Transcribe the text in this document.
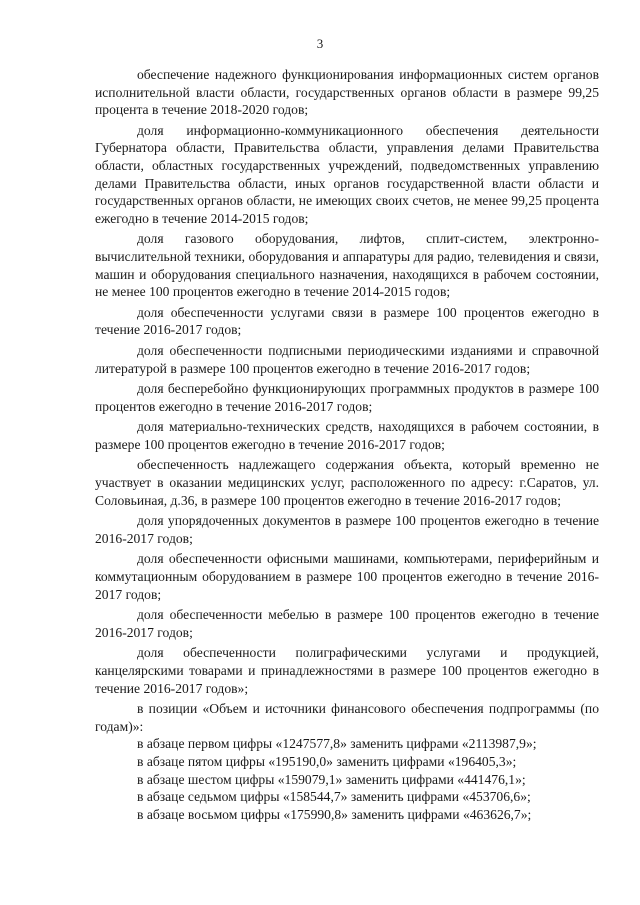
3

обеспечение надежного функционирования информационных систем органов исполнительной власти области, государственных органов области в размере 99,25 процента в течение 2018-2020 годов;

доля информационно-коммуникационного обеспечения деятельности Губернатора области, Правительства области, управления делами Правительства области, областных государственных учреждений, подведомственных управлению делами Правительства области, иных органов государственной власти области и государственных органов области, не имеющих своих счетов, не менее 99,25 процента ежегодно в течение 2014-2015 годов;

доля газового оборудования, лифтов, сплит-систем, электронно-вычислительной техники, оборудования и аппаратуры для радио, телевидения и связи, машин и оборудования специального назначения, находящихся в рабочем состоянии, не менее 100 процентов ежегодно в течение 2014-2015 годов;

доля обеспеченности услугами связи в размере 100 процентов ежегодно в течение 2016-2017 годов;

доля обеспеченности подписными периодическими изданиями и справочной литературой в размере 100 процентов ежегодно в течение 2016-2017 годов;

доля бесперебойно функционирующих программных продуктов в размере 100 процентов ежегодно в течение 2016-2017 годов;

доля материально-технических средств, находящихся в рабочем состоянии, в размере 100 процентов ежегодно в течение 2016-2017 годов;

обеспеченность надлежащего содержания объекта, который временно не участвует в оказании медицинских услуг, расположенного по адресу: г.Саратов, ул. Соловьиная, д.36, в размере 100 процентов ежегодно в течение 2016-2017 годов;

доля упорядоченных документов в размере 100 процентов ежегодно в течение 2016-2017 годов;

доля обеспеченности офисными машинами, компьютерами, периферийным и коммутационным оборудованием в размере 100 процентов ежегодно в течение 2016-2017 годов;

доля обеспеченности мебелью в размере 100 процентов ежегодно в течение 2016-2017 годов;

доля обеспеченности полиграфическими услугами и продукцией, канцелярскими товарами и принадлежностями в размере 100 процентов ежегодно в течение 2016-2017 годов»;

в позиции «Объем и источники финансового обеспечения подпрограммы (по годам)»:

в абзаце первом цифры «1247577,8» заменить цифрами «2113987,9»;

в абзаце пятом цифры «195190,0» заменить цифрами «196405,3»;

в абзаце шестом цифры «159079,1» заменить цифрами «441476,1»;

в абзаце седьмом цифры «158544,7» заменить цифрами «453706,6»;

в абзаце восьмом цифры «175990,8» заменить цифрами «463626,7»;
